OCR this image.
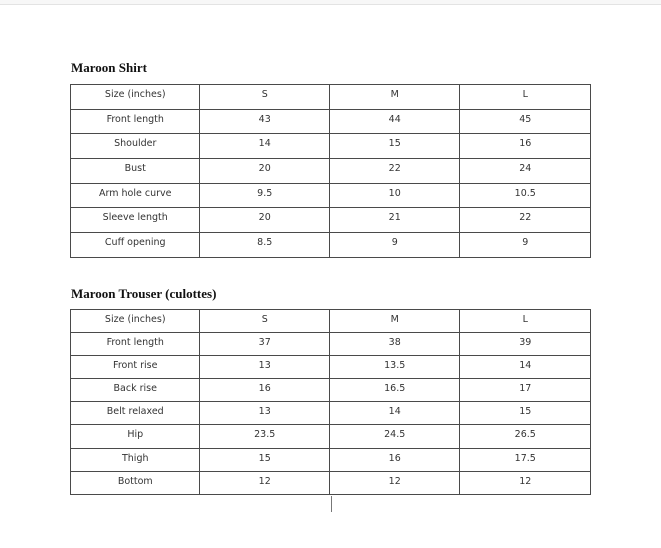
Maroon Shirt
Size (inches)	S	M	L
Front length	43	44	45
Shoulder	14	15	16
Bust	20	22	24
Arm hole curve	9.5	10	10.5
Sleeve length	20	21	22
Cuff opening	8.5	9	9
Maroon Trouser (culottes)
Size (inches)	S	M	L
Front length	37	38	39
Front rise	13	13.5	14
Back rise	16	16.5	17
Belt relaxed	13	14	15
Hip	23.5	24.5	26.5
Thigh	15	16	17.5
Bottom	12	12	12
